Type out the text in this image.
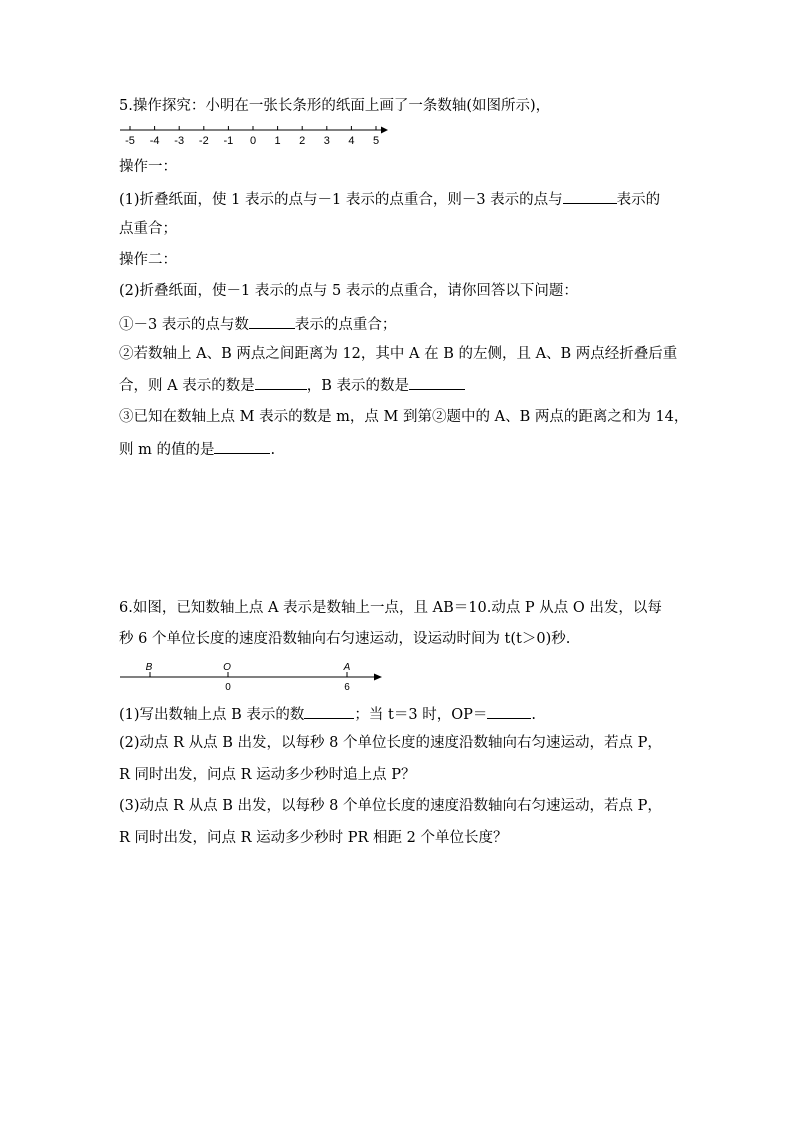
5.操作探究：小明在一张长条形的纸面上画了一条数轴(如图所示)，
-5 -4 -3 -2 -1 0 1 2 3 4 5
操作一：
(1)折叠纸面，使 1 表示的点与－1 表示的点重合，则－3 表示的点与	表示的
点重合；
操作二：
(2)折叠纸面，使－1 表示的点与 5 表示的点重合，请你回答以下问题：
①－3 表示的点与数	表示的点重合；
②若数轴上 A、B 两点之间距离为 12，其中 A 在 B 的左侧，且 A、B 两点经折叠后重
合，则 A 表示的数是	，B 表示的数是
③已知在数轴上点 M 表示的数是 m，点 M 到第②题中的 A、B 两点的距离之和为 14，
则 m 的值的是	.
6.如图，已知数轴上点 A 表示是数轴上一点，且 AB＝10.动点 P 从点 O 出发，以每
秒 6 个单位长度的速度沿数轴向右匀速运动，设运动时间为 t(t＞0)秒.
B	O	A
0	6
(1)写出数轴上点 B 表示的数	；当 t＝3 时，OP＝	.
(2)动点 R 从点 B 出发，以每秒 8 个单位长度的速度沿数轴向右匀速运动，若点 P，
R 同时出发，问点 R 运动多少秒时追上点 P？
(3)动点 R 从点 B 出发，以每秒 8 个单位长度的速度沿数轴向右匀速运动，若点 P，
R 同时出发，问点 R 运动多少秒时 PR 相距 2 个单位长度？
